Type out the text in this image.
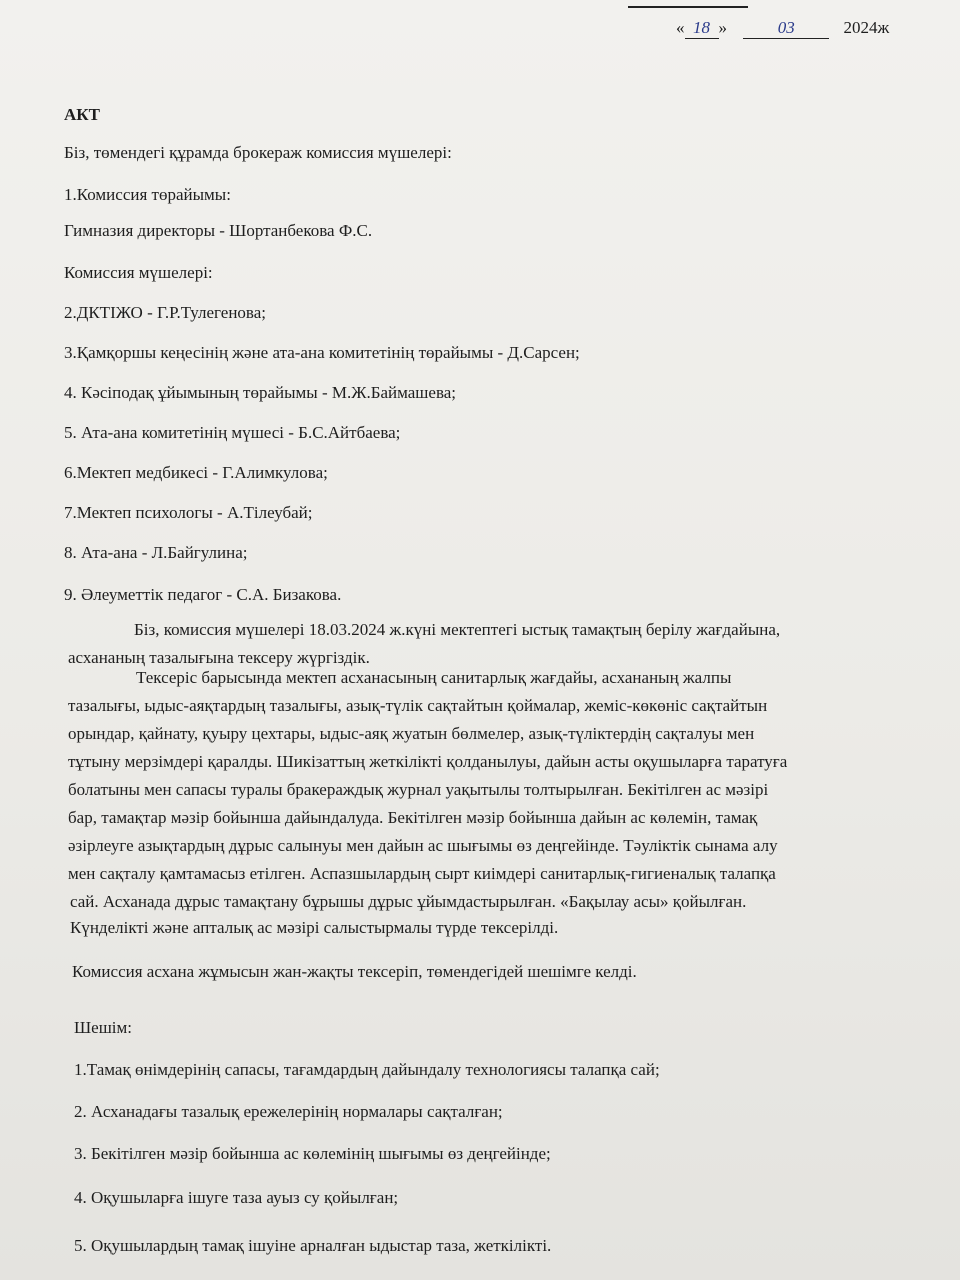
« 18 »	03	2024ж
АКТ
Біз, төмендегі құрамда брокераж комиссия мүшелері:
1.Комиссия төрайымы:
Гимназия директоры - Шортанбекова Ф.С.
Комиссия мүшелері:
2.ДКТІЖО - Г.Р.Тулегенова;
3.Қамқоршы кеңесінің және ата-ана комитетінің төрайымы - Д.Сарсен;
4. Кәсіподақ ұйымының төрайымы - М.Ж.Баймашева;
5. Ата-ана комитетінің мүшесі - Б.С.Айтбаева;
6.Мектеп медбикесі - Г.Алимкулова;
7.Мектеп психологы - А.Тілеубай;
8. Ата-ана - Л.Байгулина;
9. Әлеуметтік педагог - С.А. Бизакова.
Біз, комиссия мүшелері 18.03.2024 ж.күні мектептегі ыстық тамақтың берілу жағдайына,
асхананың тазалығына тексеру жүргіздік.
Тексеріс барысында мектеп асханасының санитарлық жағдайы, асхананың жалпы
тазалығы, ыдыс-аяқтардың тазалығы, азық-түлік сақтайтын қоймалар, жеміс-көкөніс сақтайтын
орындар, қайнату, қуыру цехтары, ыдыс-аяқ жуатын бөлмелер, азық-түліктердің сақталуы мен
тұтыну мерзімдері қаралды. Шикізаттың жеткілікті қолданылуы, дайын асты оқушыларға таратуға
болатыны мен сапасы туралы бракераждық журнал уақытылы толтырылған. Бекітілген ас мәзірі
бар, тамақтар мәзір бойынша дайындалуда. Бекітілген мәзір бойынша дайын ас көлемін, тамақ
әзірлеуге азықтардың дұрыс салынуы мен дайын ас шығымы өз деңгейінде. Тәуліктік сынама алу
мен сақталу қамтамасыз етілген. Аспазшылардың сырт киімдері санитарлық-гигиеналық талапқа
сай. Асханада дұрыс тамақтану бұрышы дұрыс ұйымдастырылған. «Бақылау асы» қойылған.
Күнделікті және апталық ас мәзірі салыстырмалы түрде тексерілді.
Комиссия асхана жұмысын жан-жақты тексеріп, төмендегідей шешімге келді.
Шешім:
1.Тамақ өнімдерінің сапасы, тағамдардың дайындалу технологиясы талапқа сай;
2. Асханадағы тазалық ережелерінің нормалары сақталған;
3. Бекітілген мәзір бойынша ас көлемінің шығымы өз деңгейінде;
4. Оқушыларға ішуге таза ауыз су қойылған;
5. Оқушылардың тамақ ішуіне арналған ыдыстар таза, жеткілікті.
